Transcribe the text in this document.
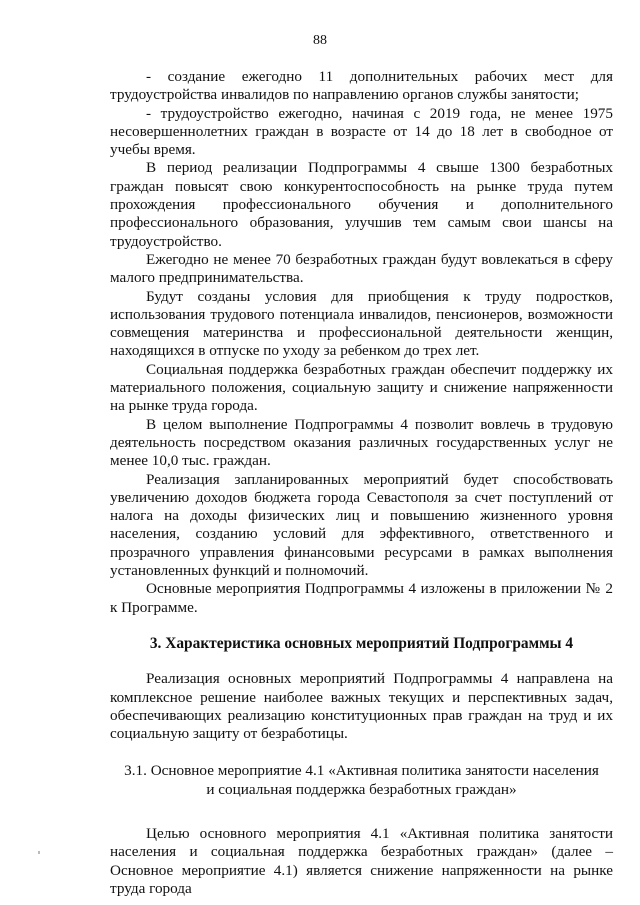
88

- создание ежегодно 11 дополнительных рабочих мест для трудоустройства инвалидов по направлению органов службы занятости;

- трудоустройство ежегодно, начиная с 2019 года, не менее 1975 несовершеннолетних граждан в возрасте от 14 до 18 лет в свободное от учебы время.

В период реализации Подпрограммы 4 свыше 1300 безработных граждан повысят свою конкурентоспособность на рынке труда путем прохождения профессионального обучения и дополнительного профессионального образования, улучшив тем самым свои шансы на трудоустройство.

Ежегодно не менее 70 безработных граждан будут вовлекаться в сферу малого предпринимательства.

Будут созданы условия для приобщения к труду подростков, использования трудового потенциала инвалидов, пенсионеров, возможности совмещения материнства и профессиональной деятельности женщин, находящихся в отпуске по уходу за ребенком до трех лет.

Социальная поддержка безработных граждан обеспечит поддержку их материального положения, социальную защиту и снижение напряженности на рынке труда города.

В целом выполнение Подпрограммы 4 позволит вовлечь в трудовую деятельность посредством оказания различных государственных услуг не менее 10,0 тыс. граждан.

Реализация запланированных мероприятий будет способствовать увеличению доходов бюджета города Севастополя за счет поступлений от налога на доходы физических лиц и повышению жизненного уровня населения, созданию условий для эффективного, ответственного и прозрачного управления финансовыми ресурсами в рамках выполнения установленных функций и полномочий.

Основные мероприятия Подпрограммы 4 изложены в приложении № 2 к Программе.

3. Характеристика основных мероприятий Подпрограммы 4

Реализация основных мероприятий Подпрограммы 4 направлена на комплексное решение наиболее важных текущих и перспективных задач, обеспечивающих реализацию конституционных прав граждан на труд и их социальную защиту от безработицы.

3.1. Основное мероприятие 4.1 «Активная политика занятости населения
и социальная поддержка безработных граждан»

Целью основного мероприятия 4.1 «Активная политика занятости населения и социальная поддержка безработных граждан» (далее – Основное мероприятие 4.1) является снижение напряженности на рынке труда города
